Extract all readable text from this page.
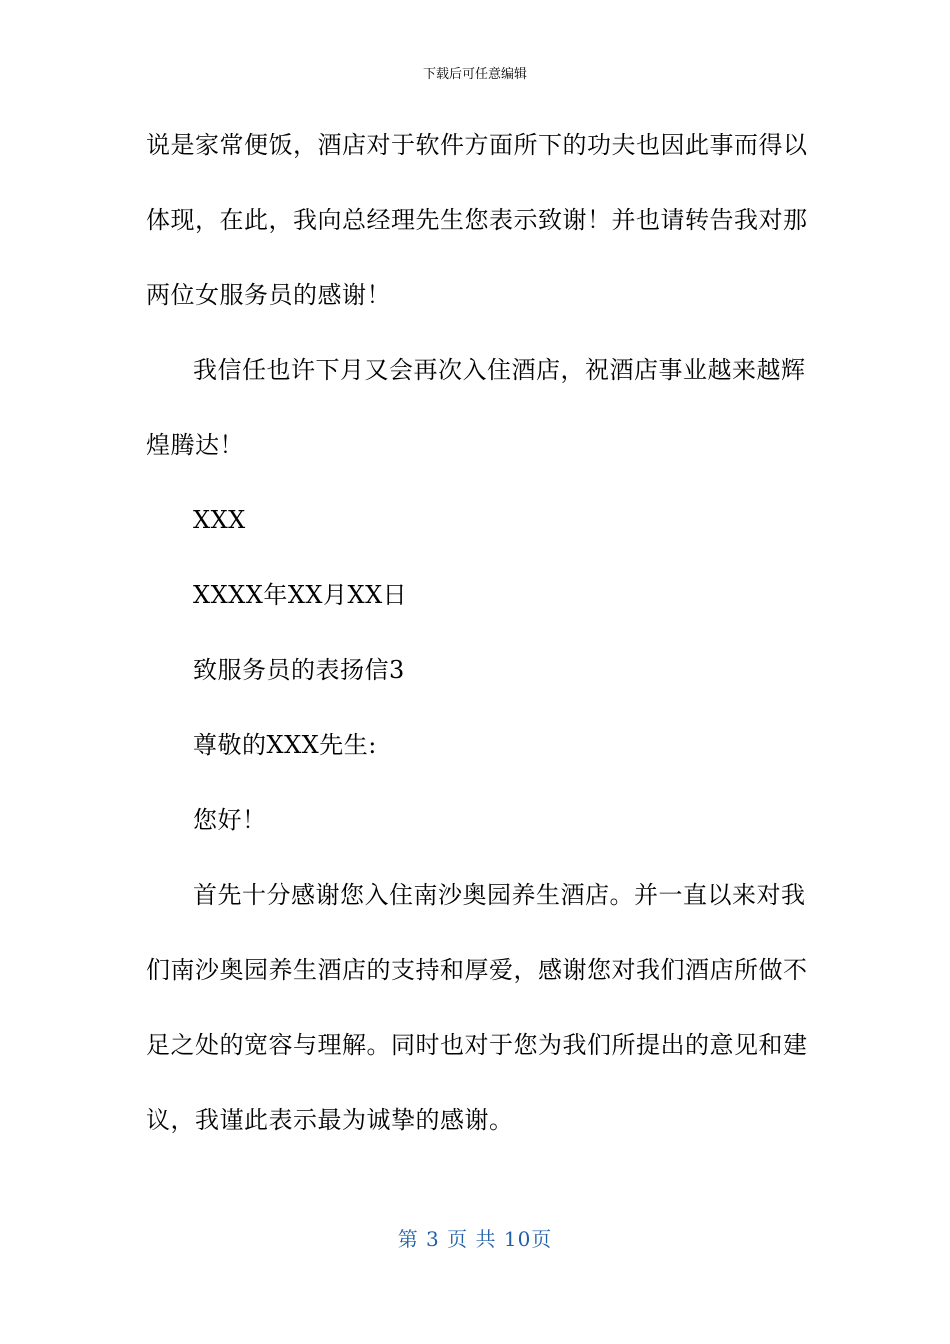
下载后可任意编辑
说是家常便饭，酒店对于软件方面所下的功夫也因此事而得以
体现，在此，我向总经理先生您表示致谢！并也请转告我对那
两位女服务员的感谢！
我信任也许下月又会再次入住酒店，祝酒店事业越来越辉
煌腾达！
XXX
XXXX年XX月XX日
致服务员的表扬信3
尊敬的XXX先生:
您好！
首先十分感谢您入住南沙奥园养生酒店。并一直以来对我
们南沙奥园养生酒店的支持和厚爱，感谢您对我们酒店所做不
足之处的宽容与理解。同时也对于您为我们所提出的意见和建
议，我谨此表示最为诚挚的感谢。
第 3 页 共 10页
